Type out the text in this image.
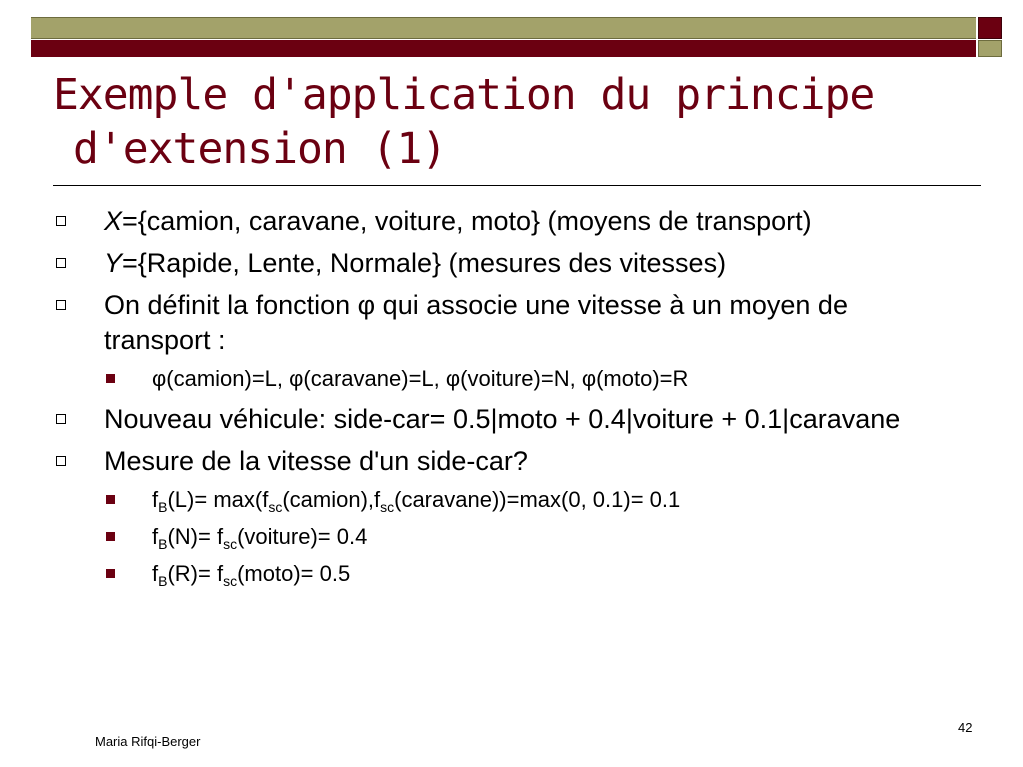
Exemple d'application du principe
d'extension (1)
X={camion, caravane, voiture, moto} (moyens de transport)
Y={Rapide, Lente, Normale} (mesures des vitesses)
On définit la fonction φ qui associe une vitesse à un moyen de transport :
φ(camion)=L, φ(caravane)=L, φ(voiture)=N, φ(moto)=R
Nouveau véhicule: side-car= 0.5|moto + 0.4|voiture + 0.1|caravane
Mesure de la vitesse d'un side-car?
$f_B(L)=$ $\max(f_{sc}(camion),f_{sc}(caravane))=\max(0$, 0.1)= 0.1
$f_B(N)=$ $f_{sc}(voiture)= 0.4$
$f_B(R)=$ $f_{sc}(moto)= 0.5$
Maria Rifqi-Berger
42
